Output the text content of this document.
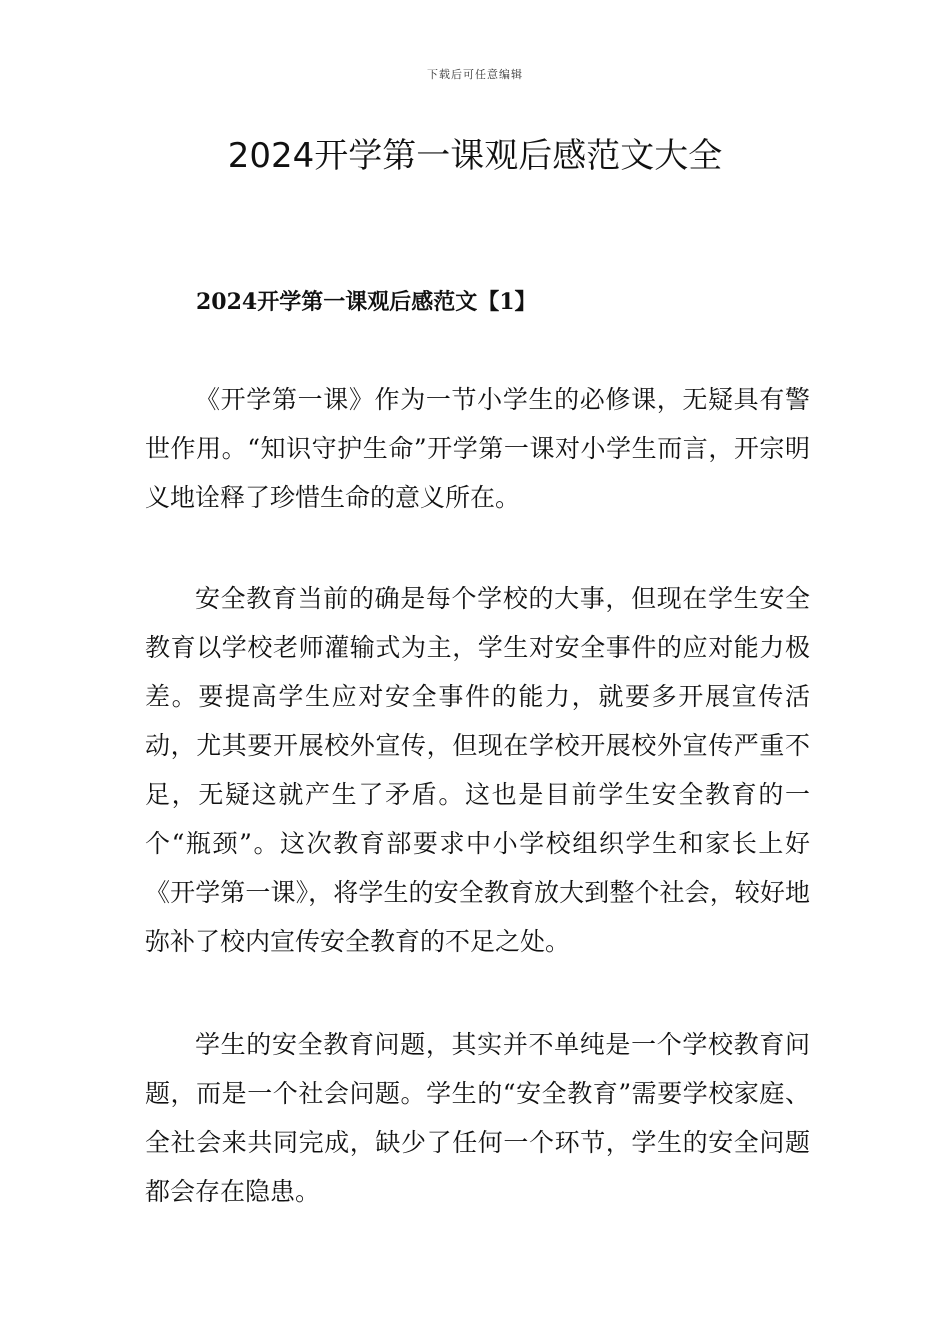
下载后可任意编辑
2024开学第一课观后感范文大全
2024开学第一课观后感范文【1】

《开学第一课》作为一节小学生的必修课，无疑具有警世作用。“知识守护生命”开学第一课对小学生而言，开宗明义地诠释了珍惜生命的意义所在。

安全教育当前的确是每个学校的大事，但现在学生安全教育以学校老师灌输式为主，学生对安全事件的应对能力极差。要提高学生应对安全事件的能力，就要多开展宣传活动，尤其要开展校外宣传，但现在学校开展校外宣传严重不足，无疑这就产生了矛盾。这也是目前学生安全教育的一个“瓶颈”。这次教育部要求中小学校组织学生和家长上好《开学第一课》，将学生的安全教育放大到整个社会，较好地弥补了校内宣传安全教育的不足之处。

学生的安全教育问题，其实并不单纯是一个学校教育问题，而是一个社会问题。学生的“安全教育”需要学校家庭、全社会来共同完成，缺少了任何一个环节，学生的安全问题都会存在隐患。
